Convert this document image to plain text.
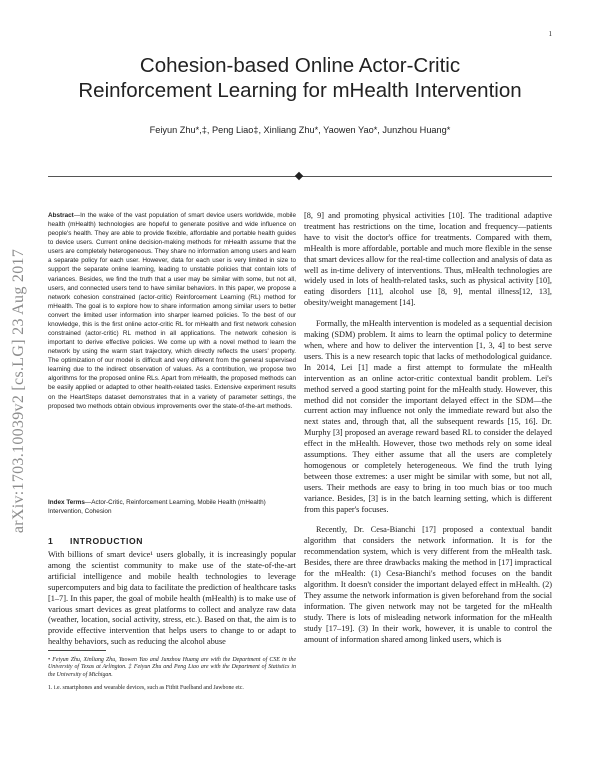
1
arXiv:1703.10039v2 [cs.LG] 23 Aug 2017
Cohesion-based Online Actor-Critic
Reinforcement Learning for mHealth Intervention
Feiyun Zhu*,‡, Peng Liao‡, Xinliang Zhu*, Yaowen Yao*, Junzhou Huang*
Abstract—In the wake of the vast population of smart device users worldwide, mobile health (mHealth) technologies are hopeful to generate positive and wide influence on people's health. They are able to provide flexible, affordable and portable health guides to device users. Current online decision-making methods for mHealth assume that the users are completely heterogeneous. They share no information among users and learn a separate policy for each user. However, data for each user is very limited in size to support the separate online learning, leading to unstable policies that contain lots of variances. Besides, we find the truth that a user may be similar with some, but not all, users, and connected users tend to have similar behaviors. In this paper, we propose a network cohesion constrained (actor-critic) Reinforcement Learning (RL) method for mHealth. The goal is to explore how to share information among similar users to better convert the limited user information into sharper learned policies. To the best of our knowledge, this is the first online actor-critic RL for mHealth and first network cohesion constrained (actor-critic) RL method in all applications. The network cohesion is important to derive effective policies. We come up with a novel method to learn the network by using the warm start trajectory, which directly reflects the users' property. The optimization of our model is difficult and very different from the general supervised learning due to the indirect observation of values. As a contribution, we propose two algorithms for the proposed online RLs. Apart from mHealth, the proposed methods can be easily applied or adapted to other health-related tasks. Extensive experiment results on the HeartSteps dataset demonstrates that in a variety of parameter settings, the proposed two methods obtain obvious improvements over the state-of-the-art methods.
Index Terms—Actor-Critic, Reinforcement Learning, Mobile Health (mHealth) Intervention, Cohesion
1 INTRODUCTION
With billions of smart device¹ users globally, it is increasingly popular among the scientist community to make use of the state-of-the-art artificial intelligence and mobile health technologies to leverage supercomputers and big data to facilitate the prediction of healthcare tasks [1–7]. In this paper, the goal of mobile health (mHealth) is to make use of various smart devices as great platforms to collect and analyze raw data (weather, location, social activity, stress, etc.). Based on that, the aim is to provide effective intervention that helps users to change to or adapt to healthy behaviors, such as reducing the alcohol abuse
• Feiyun Zhu, Xinliang Zhu, Yaowen Yao and Junzhou Huang are with the Department of CSE in the University of Texas at Arlington. ‡ Feiyun Zhu and Peng Liao are with the Department of Statistics in the University of Michigan.
1. i.e. smartphones and wearable devices, such as Fitbit Fuelband and Jawbone etc.

[8, 9] and promoting physical activities [10]. The traditional adaptive treatment has restrictions on the time, location and frequency—patients have to visit the doctor's office for treatments. Compared with them, mHealth is more affordable, portable and much more flexible in the sense that smart devices allow for the real-time collection and analysis of data as well as in-time delivery of interventions. Thus, mHealth technologies are widely used in lots of health-related tasks, such as physical activity [10], eating disorders [11], alcohol use [8, 9], mental illness[12, 13], obesity/weight management [14].

Formally, the mHealth intervention is modeled as a sequential decision making (SDM) problem. It aims to learn the optimal policy to determine when, where and how to deliver the intervention [1, 3, 4] to best serve users. This is a new research topic that lacks of methodological guidance. In 2014, Lei [1] made a first attempt to formulate the mHealth intervention as an online actor-critic contextual bandit problem. Lei's method served a good starting point for the mHealth study. However, this method did not consider the important delayed effect in the SDM—the current action may influence not only the immediate reward but also the next states and, through that, all the subsequent rewards [15, 16]. Dr. Murphy [3] proposed an average reward based RL to consider the delayed effect in the mHealth. However, those two methods rely on some ideal assumptions. They either assume that all the users are completely homogenous or completely heterogeneous. We find the truth lying between those extremes: a user might be similar with some, but not all, users. Their methods are easy to bring in too much bias or too much variance. Besides, [3] is in the batch learning setting, which is different from this paper's focuses.

Recently, Dr. Cesa-Bianchi [17] proposed a contextual bandit algorithm that considers the network information. It is for the recommendation system, which is very different from the mHealth task. Besides, there are three drawbacks making the method in [17] impractical for the mHealth: (1) Cesa-Bianchi's method focuses on the bandit algorithm. It doesn't consider the important delayed effect in mHealth. (2) They assume the network information is given beforehand from the social information. The given network may not be targeted for the mHealth study. There is lots of misleading network information for the mHealth study [17–19]. (3) In their work, however, it is unable to control the amount of information shared among linked users, which is
